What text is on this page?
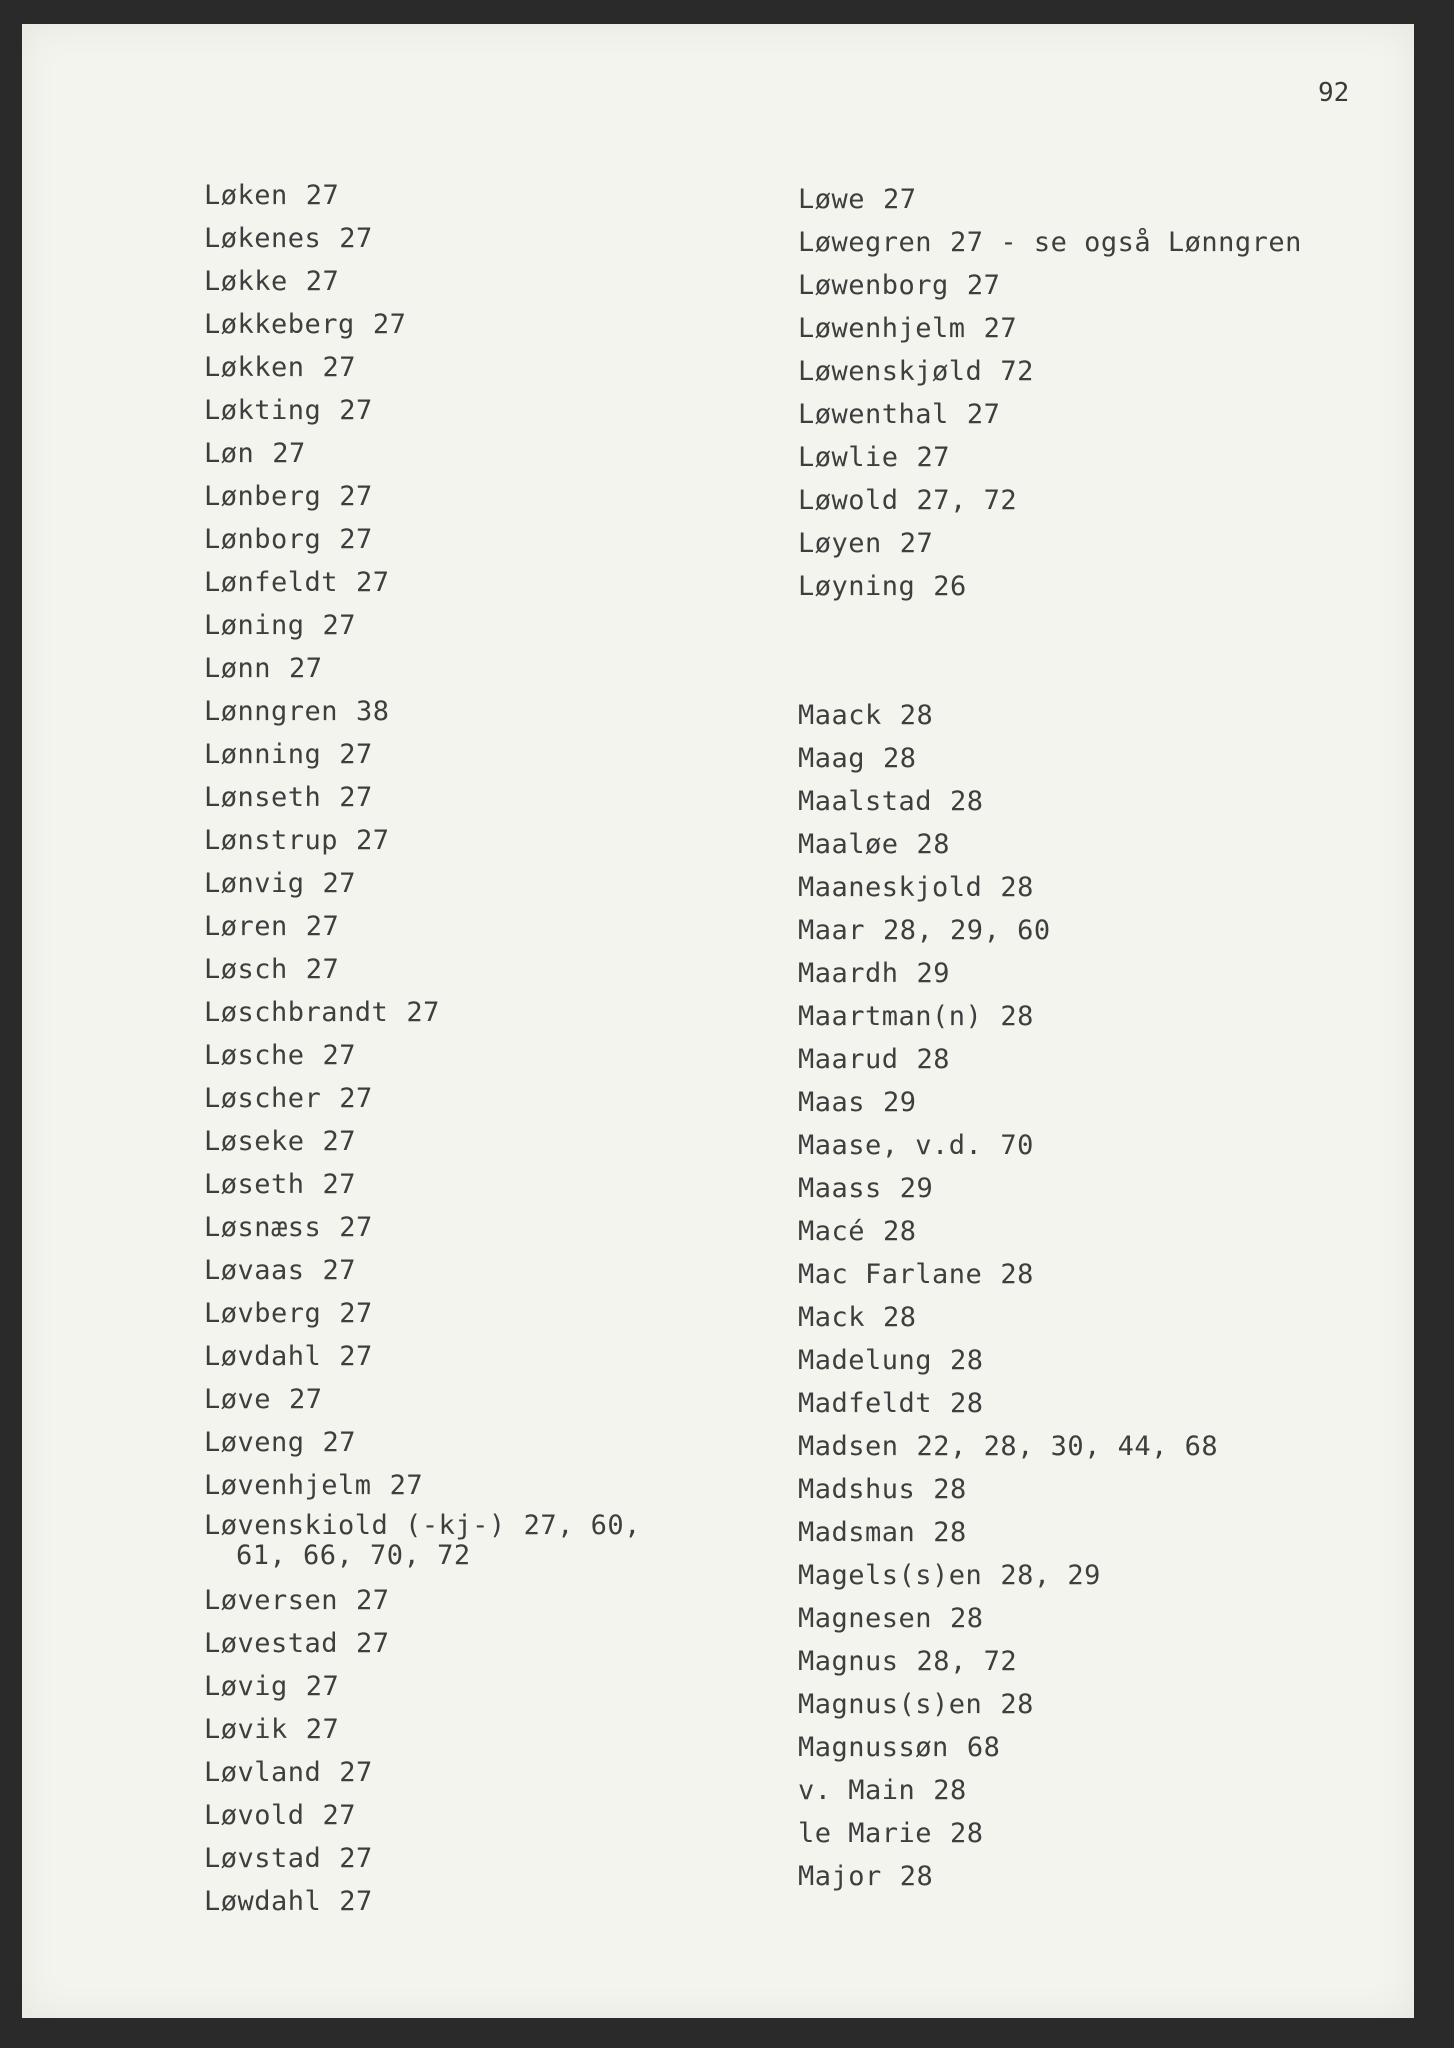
92
Løken 27
Løkenes 27
Løkke 27
Løkkeberg 27
Løkken 27
Løkting 27
Løn 27
Lønberg 27
Lønborg 27
Lønfeldt 27
Løning 27
Lønn 27
Lønngren 38
Lønning 27
Lønseth 27
Lønstrup 27
Lønvig 27
Løren 27
Løsch 27
Løschbrandt 27
Løsche 27
Løscher 27
Løseke 27
Løseth 27
Løsnæss 27
Løvaas 27
Løvberg 27
Løvdahl 27
Løve 27
Løveng 27
Løvenhjelm 27
Løvenskiold (-kj-) 27, 60,
61, 66, 70, 72
Løversen 27
Løvestad 27
Løvig 27
Løvik 27
Løvland 27
Løvold 27
Løvstad 27
Løwdahl 27
Løwe 27
Løwegren 27 - se også Lønngren
Løwenborg 27
Løwenhjelm 27
Løwenskjøld 72
Løwenthal 27
Løwlie 27
Løwold 27, 72
Løyen 27
Løyning 26
Maack 28
Maag 28
Maalstad 28
Maaløe 28
Maaneskjold 28
Maar 28, 29, 60
Maardh 29
Maartman(n) 28
Maarud 28
Maas 29
Maase, v.d. 70
Maass 29
Macé 28
Mac Farlane 28
Mack 28
Madelung 28
Madfeldt 28
Madsen 22, 28, 30, 44, 68
Madshus 28
Madsman 28
Magels(s)en 28, 29
Magnesen 28
Magnus 28, 72
Magnus(s)en 28
Magnussøn 68
v. Main 28
le Marie 28
Major 28
